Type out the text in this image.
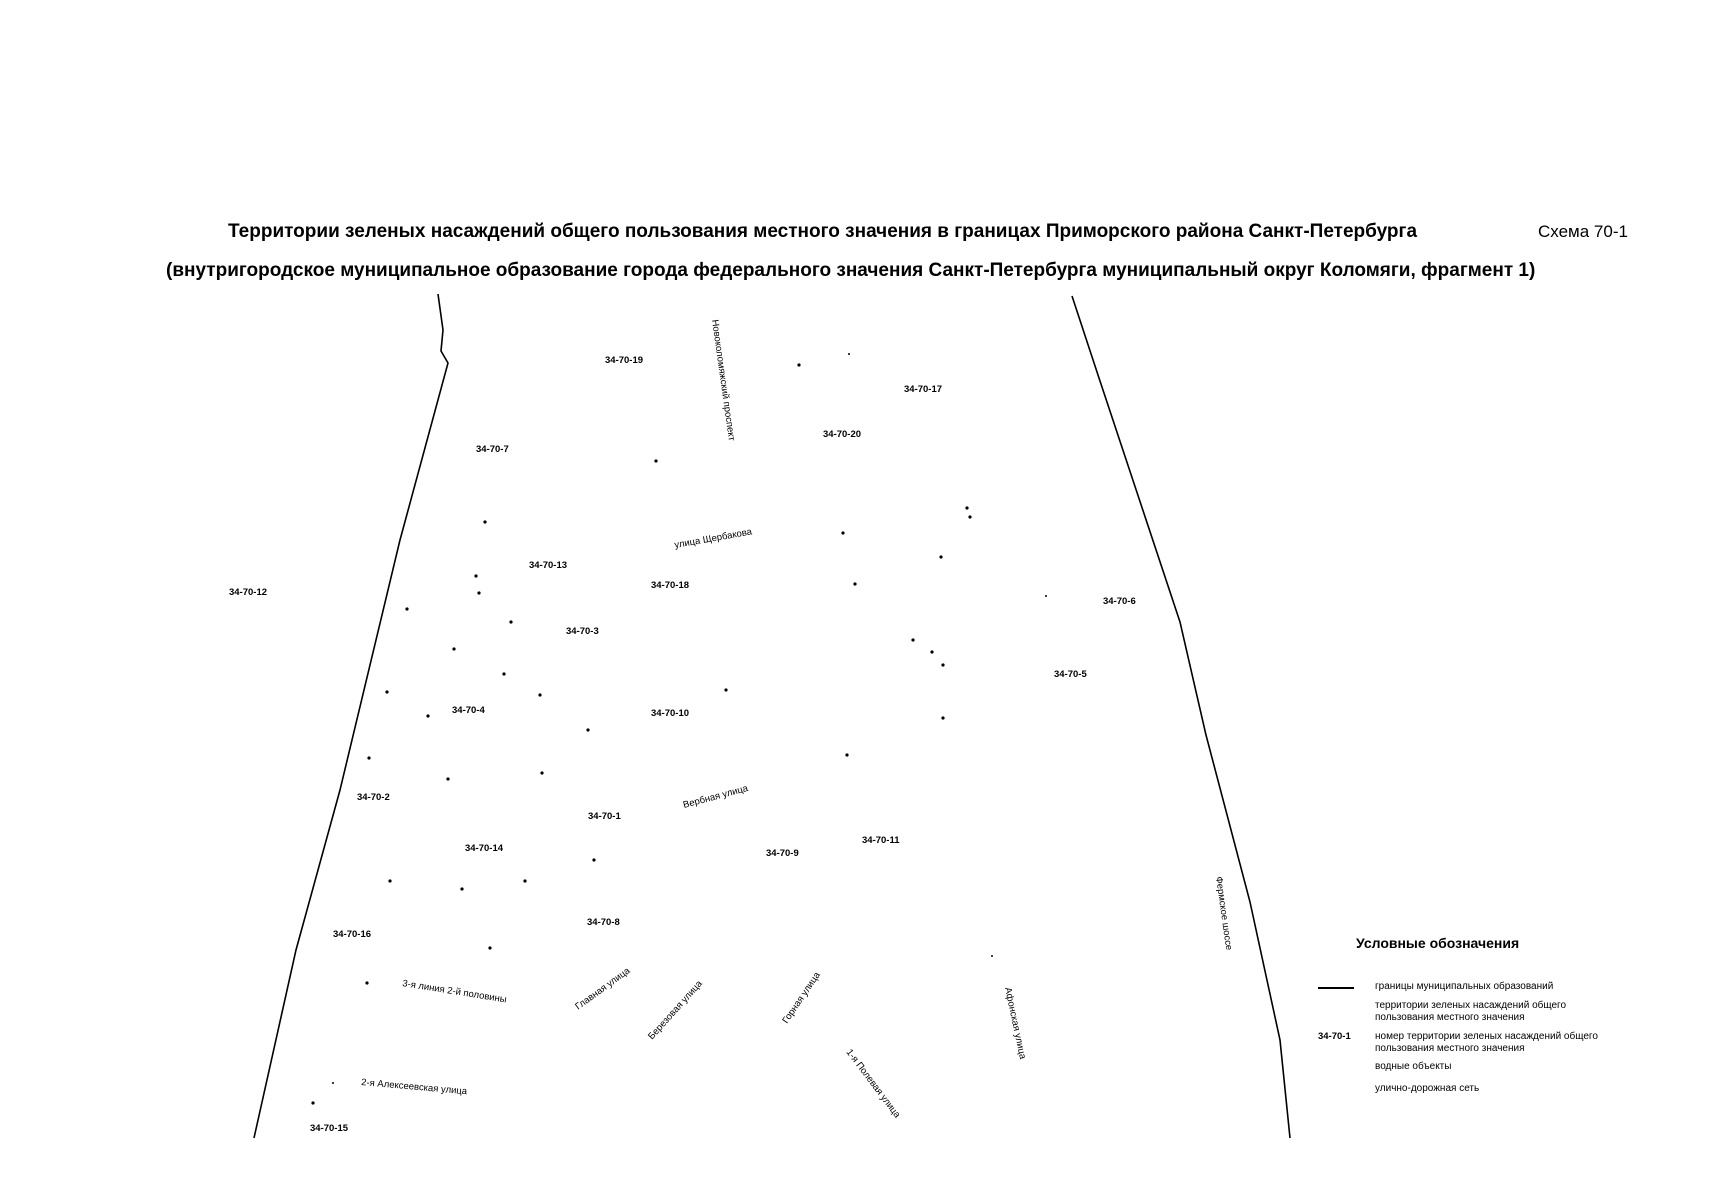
Территории зеленых насаждений общего пользования местного значения в границах Приморского района Санкт-Петербурга
(внутригородское муниципальное образование города федерального значения Санкт-Петербурга муниципальный округ Коломяги, фрагмент 1)
Схема 70-1
34-70-19
34-70-17
34-70-20
34-70-7
34-70-13
34-70-18
34-70-12
34-70-6
34-70-3
34-70-5
34-70-4	34-70-10
34-70-2
34-70-1
34-70-14
34-70-11
34-70-9
34-70-8
34-70-16
34-70-15
Новоколомяжский проспект
улица Щербакова
Вербная улица
3-я линия 2-й половины	Главная улица Березовая улица	Горная улица	Афонская улица
1-я Полевая улица
2-я Алексеевская улица
Фермское шоссе	Условные обозначения
границы муниципальных образований
территории зеленых насаждений общего пользования местного значения
34-70-1 номер территории зеленых насаждений общего пользования местного значения
водные объекты
улично-дорожная сеть
